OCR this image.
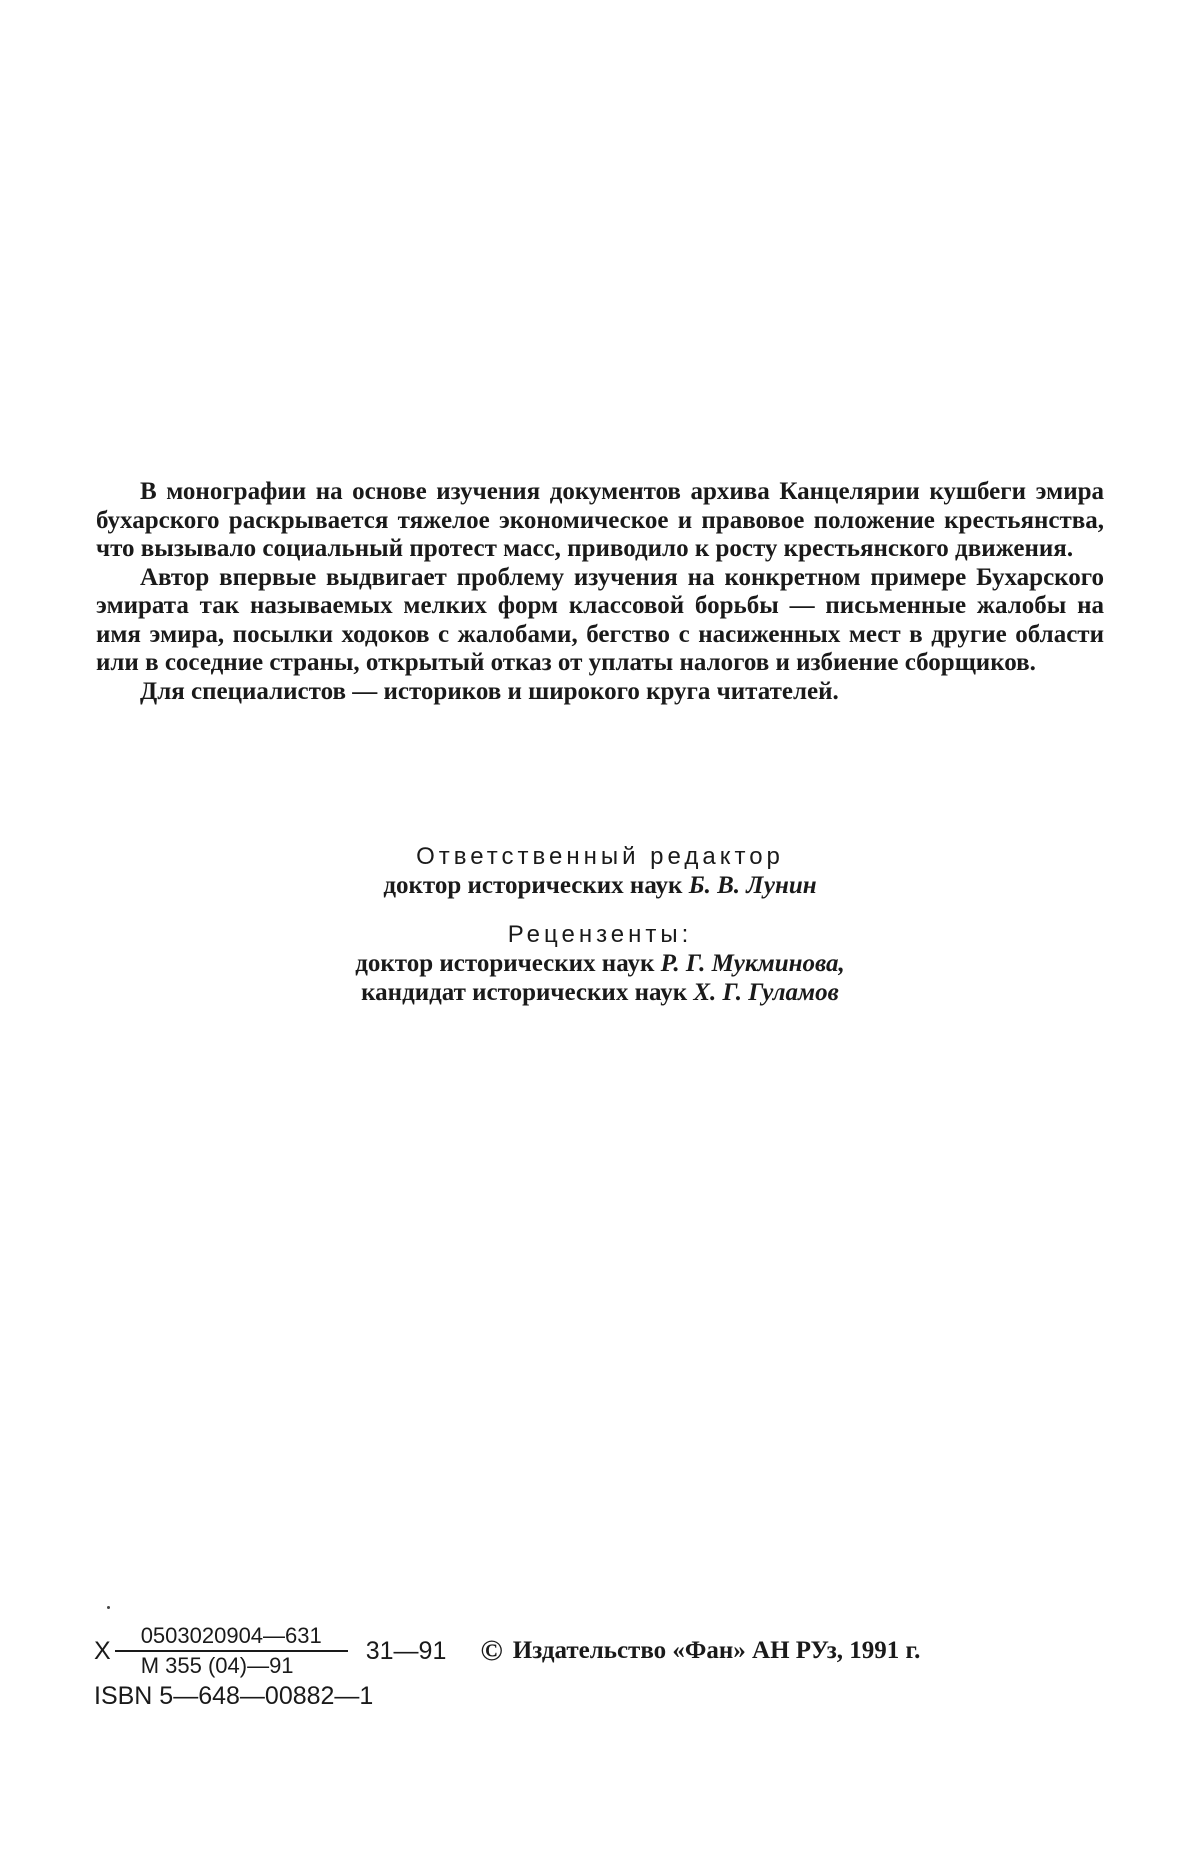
В монографии на основе изучения документов архива Канцелярии кушбеги эмира бухарского раскрывается тяжелое экономическое и правовое положение крестьянства, что вызывало социальный протест масс, приводило к росту крестьянского движения.

Автор впервые выдвигает проблему изучения на конкретном примере Бухарского эмирата так называемых мелких форм классовой борьбы — письменные жалобы на имя эмира, посылки ходоков с жалобами, бегство с насиженных мест в другие области или в соседние страны, открытый отказ от уплаты налогов и избиение сборщиков.

Для специалистов — историков и широкого круга читателей.

Ответственный редактор
доктор исторических наук Б. В. Лунин
Рецензенты:
доктор исторических наук Р. Г. Мукминова,
кандидат исторических наук Х. Г. Гуламов
Х $\frac{0503020904—631}{М 355 (04)—91}$ 31—91 © Издательство «Фан» АН РУз, 1991 г.
ISBN 5—648—00882—1
